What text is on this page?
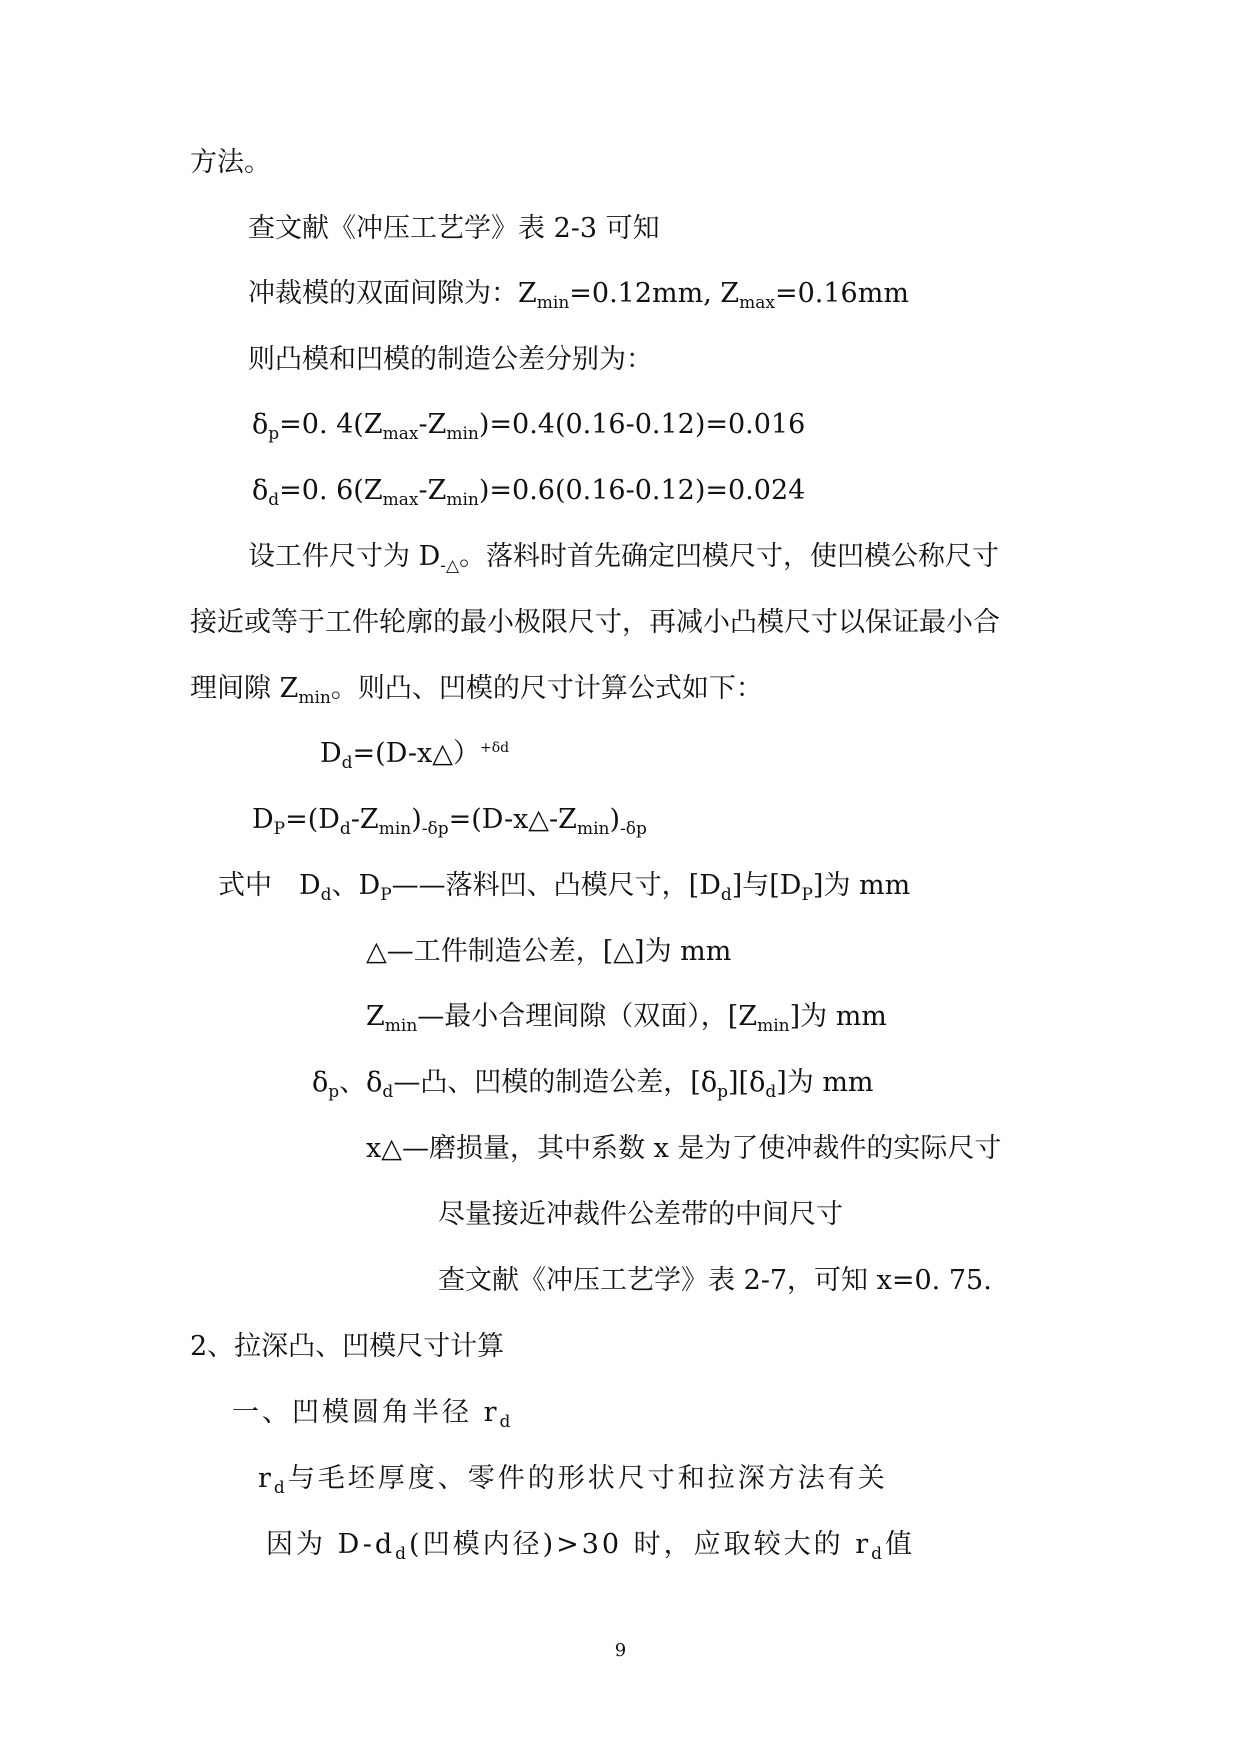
方法。
查文献《冲压工艺学》表 2-3 可知
冲裁模的双面间隙为：$Z_{min}=0.12mm$, $Z_{max}=0.16mm$
则凸模和凹模的制造公差分别为：
$\delta_p=0$. $4(Z_{max}-Z_{min})=0.4(0.16-0.12)=0.016$
$\delta_d=0$. $6(Z_{max}-Z_{min})=0.6(0.16-0.12)=0.024$
设工件尺寸为 $D_{-\triangle}$。落料时首先确定凹模尺寸，使凹模公称尺寸
接近或等于工件轮廓的最小极限尺寸，再减小凸模尺寸以保证最小合
理间隙 $Z_{min}$。则凸、凹模的尺寸计算公式如下：
$D_d=(D-x\triangle)^{+\delta d}$
$D_P=(D_d-Z_{min})_{-\delta p}=(D-x\triangle-Z_{min})_{-\delta p}$
式中　$D_d$、$D_P——$落料凹、凸模尺寸，$[D_d]$与$[D_P]$为 mm
△—工件制造公差，[△]为 mm
$Z_{min}—$最小合理间隙（双面），$[Z_{min}]$为 mm
$\delta_p$、$\delta_d—$凸、凹模的制造公差，$[\delta_p][\delta_d]$为 mm
x△—磨损量，其中系数 x 是为了使冲裁件的实际尺寸
尽量接近冲裁件公差带的中间尺寸
查文献《冲压工艺学》表 2-7，可知 x=0. 75.
2、拉深凸、凹模尺寸计算
一、凹模圆角半径 $r_d$
$r_d$与毛坯厚度、零件的形状尺寸和拉深方法有关
因为 $D-d_d$(凹模内径)>30 时，应取较大的 $r_d$值
9
